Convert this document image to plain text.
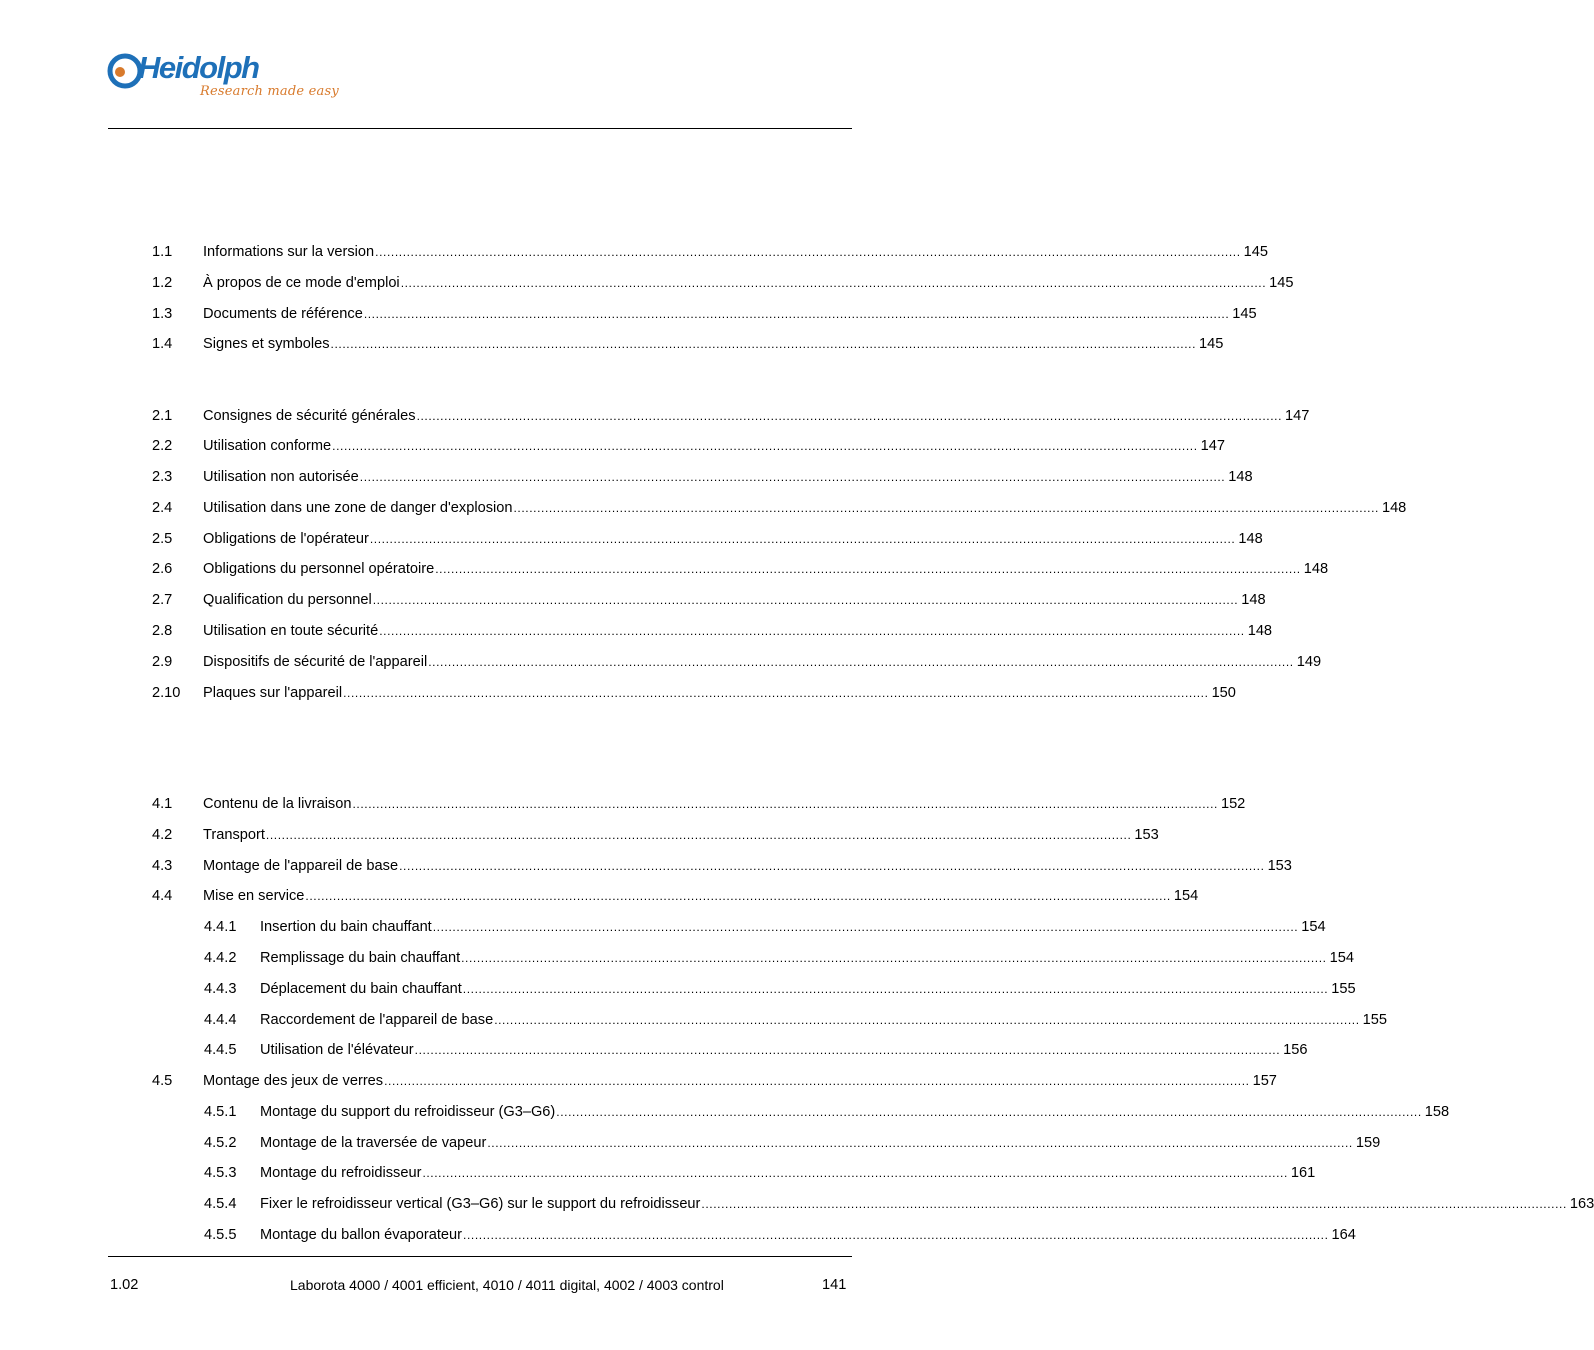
Heidolph
Research made easy
1.1 Informations sur la version ............................................................................................................................................................................................................................ 145
1.2 À propos de ce mode d'emploi ............................................................................................................................................................................................................................ 145
1.3 Documents de référence ............................................................................................................................................................................................................................ 145
1.4 Signes et symboles ............................................................................................................................................................................................................................ 145
2.1 Consignes de sécurité générales ............................................................................................................................................................................................................................ 147
2.2 Utilisation conforme ............................................................................................................................................................................................................................ 147
2.3 Utilisation non autorisée ............................................................................................................................................................................................................................ 148
2.4 Utilisation dans une zone de danger d'explosion ............................................................................................................................................................................................................................ 148
2.5 Obligations de l'opérateur ............................................................................................................................................................................................................................ 148
2.6 Obligations du personnel opératoire ............................................................................................................................................................................................................................ 148
2.7 Qualification du personnel ............................................................................................................................................................................................................................ 148
2.8 Utilisation en toute sécurité ............................................................................................................................................................................................................................ 148
2.9 Dispositifs de sécurité de l'appareil ............................................................................................................................................................................................................................ 149
2.10 Plaques sur l'appareil ............................................................................................................................................................................................................................ 150
4.1 Contenu de la livraison ............................................................................................................................................................................................................................ 152
4.2 Transport ............................................................................................................................................................................................................................ 153
4.3 Montage de l'appareil de base ............................................................................................................................................................................................................................ 153
4.4 Mise en service ............................................................................................................................................................................................................................ 154
4.4.1 Insertion du bain chauffant ............................................................................................................................................................................................................................ 154
4.4.2 Remplissage du bain chauffant ............................................................................................................................................................................................................................ 154
4.4.3 Déplacement du bain chauffant ............................................................................................................................................................................................................................ 155
4.4.4 Raccordement de l'appareil de base ............................................................................................................................................................................................................................ 155
4.4.5 Utilisation de l'élévateur ............................................................................................................................................................................................................................ 156
4.5 Montage des jeux de verres ............................................................................................................................................................................................................................ 157
4.5.1 Montage du support du refroidisseur (G3–G6) ............................................................................................................................................................................................................................ 158
4.5.2 Montage de la traversée de vapeur ............................................................................................................................................................................................................................ 159
4.5.3 Montage du refroidisseur ............................................................................................................................................................................................................................ 161
4.5.4 Fixer le refroidisseur vertical (G3–G6) sur le support du refroidisseur ............................................................................................................................................................................................................................ 163
4.5.5 Montage du ballon évaporateur ............................................................................................................................................................................................................................ 164
1.02	Laborota 4000 / 4001 efficient, 4010 / 4011 digital, 4002 / 4003 control	141
